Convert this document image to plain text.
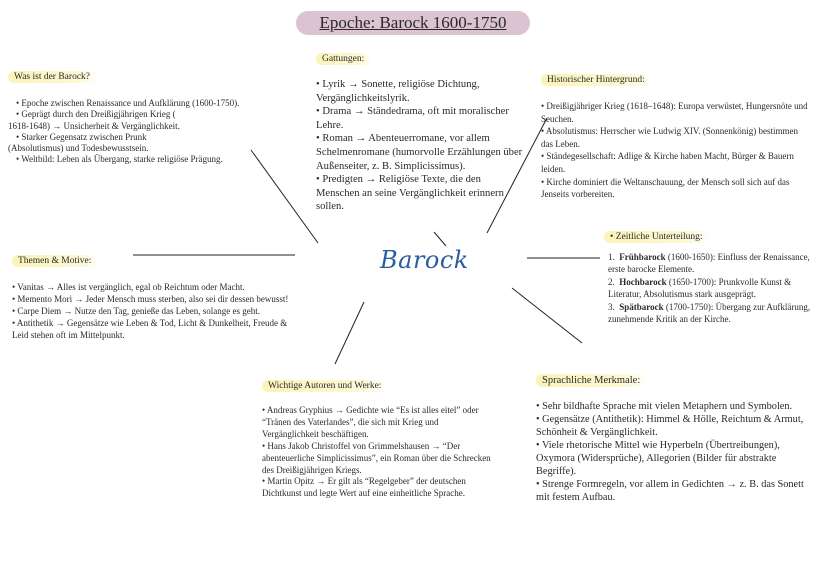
Epoche: Barock 1600-1750
Barock
Was ist der Barock?
• Epoche zwischen Renaissance und Aufklärung (1600-1750).
• Geprägt durch den Dreißigjährigen Krieg (
1618-1648) → Unsicherheit & Vergänglichkeit.
• Starker Gegensatz zwischen Prunk
(Absolutismus) und Todesbewusstsein.
• Weltbild: Leben als Übergang, starke religiöse Prägung.
Gattungen:
• Lyrik → Sonette, religiöse Dichtung, Vergänglichkeitslyrik.
• Drama → Ständedrama, oft mit moralischer Lehre.
• Roman → Abenteuerromane, vor allem Schelmenromane (humorvolle Erzählungen über Außenseiter, z. B. Simplicissimus).
• Predigten → Religiöse Texte, die den Menschen an seine Vergänglichkeit erinnern sollen.
Historischer Hintergrund:
• Dreißigjähriger Krieg (1618–1648): Europa verwüstet, Hungersnöte und Seuchen.
• Absolutismus: Herrscher wie Ludwig XIV. (Sonnenkönig) bestimmen das Leben.
• Ständegesellschaft: Adlige & Kirche haben Macht, Bürger & Bauern leiden.
• Kirche dominiert die Weltanschauung, der Mensch soll sich auf das Jenseits vorbereiten.
• Zeitliche Unterteilung:
1. Frühbarock (1600-1650): Einfluss der Renaissance, erste barocke Elemente.
2. Hochbarock (1650-1700): Prunkvolle Kunst & Literatur, Absolutismus stark ausgeprägt.
3. Spätbarock (1700-1750): Übergang zur Aufklärung, zunehmende Kritik an der Kirche.
Themen & Motive:
• Vanitas → Alles ist vergänglich, egal ob Reichtum oder Macht.
• Memento Mori → Jeder Mensch muss sterben, also sei dir dessen bewusst!
• Carpe Diem → Nutze den Tag, genieße das Leben, solange es geht.
• Antithetik → Gegensätze wie Leben & Tod, Licht & Dunkelheit, Freude & Leid stehen oft im Mittelpunkt.
Wichtige Autoren und Werke:
• Andreas Gryphius → Gedichte wie “Es ist alles eitel” oder “Tränen des Vaterlandes”, die sich mit Krieg und Vergänglichkeit beschäftigen.
• Hans Jakob Christoffel von Grimmelshausen → “Der abenteuerliche Simplicissimus”, ein Roman über die Schrecken des Dreißigjährigen Kriegs.
• Martin Opitz → Er gilt als “Regelgeber” der deutschen Dichtkunst und legte Wert auf eine einheitliche Sprache.
Sprachliche Merkmale:
• Sehr bildhafte Sprache mit vielen Metaphern und Symbolen.
• Gegensätze (Antithetik): Himmel & Hölle, Reichtum & Armut, Schönheit & Vergänglichkeit.
• Viele rhetorische Mittel wie Hyperbeln (Übertreibungen), Oxymora (Widersprüche), Allegorien (Bilder für abstrakte Begriffe).
• Strenge Formregeln, vor allem in Gedichten → z. B. das Sonett mit festem Aufbau.
